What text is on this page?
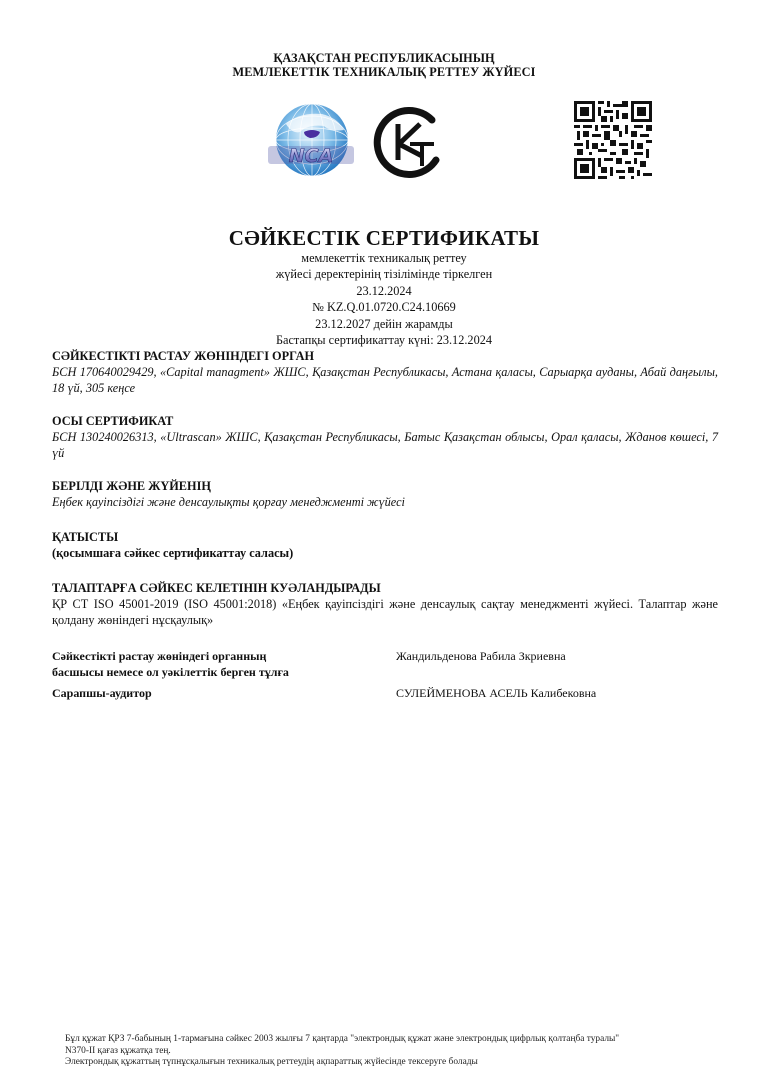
ҚАЗАҚСТАН РЕСПУБЛИКАСЫНЫҢ
МЕМЛЕКЕТТІК ТЕХНИКАЛЫҚ РЕТТЕУ ЖҮЙЕСІ
NCA
СӘЙКЕСТІК СЕРТИФИКАТЫ
мемлекеттік техникалық реттеу
жүйесі деректерінің тізілімінде тіркелген
23.12.2024
№ KZ.Q.01.0720.C24.10669
23.12.2027 дейін жарамды
Бастапқы сертификаттау күні: 23.12.2024
СӘЙКЕСТІКТІ РАСТАУ ЖӨНІНДЕГІ ОРГАН
БСН 170640029429, «Capital managment» ЖШС, Қазақстан Республикасы, Астана қаласы, Сарыарқа ауданы, Абай даңғылы, 18 үй, 305 кеңсе
ОСЫ СЕРТИФИКАТ
БСН 130240026313, «Ultrascan» ЖШС, Қазақстан Республикасы, Батыс Қазақстан облысы, Орал қаласы, Жданов көшесі, 7 үй
БЕРІЛДІ ЖӘНЕ ЖҮЙЕНІҢ
Еңбек қауіпсіздігі және денсаулықты қорғау менеджменті жүйесі
ҚАТЫСТЫ
(қосымшаға сәйкес сертификаттау саласы)
ТАЛАПТАРҒА СӘЙКЕС КЕЛЕТІНІН КУӘЛАНДЫРАДЫ
ҚР СТ ISO 45001-2019 (ISO 45001:2018) «Еңбек қауіпсіздігі және денсаулық сақтау менеджменті жүйесі. Талаптар және қолдану жөніндегі нұсқаулық»
Сәйкестікті растау жөніндегі органның
басшысы немесе ол уәкілеттік берген тұлға
Жандильденова Рабила Зкриевна
Сарапшы-аудитор	СУЛЕЙМЕНОВА АСЕЛЬ Калибековна
Бұл құжат ҚРЗ 7-бабының 1-тармағына сәйкес 2003 жылғы 7 қаңтарда "электрондық құжат және электрондық цифрлық қолтаңба туралы"
N370-II қағаз құжатқа тең.
Электрондық құжаттың түпнұсқалығын техникалық реттеудің ақпараттық жүйесінде тексеруге болады
